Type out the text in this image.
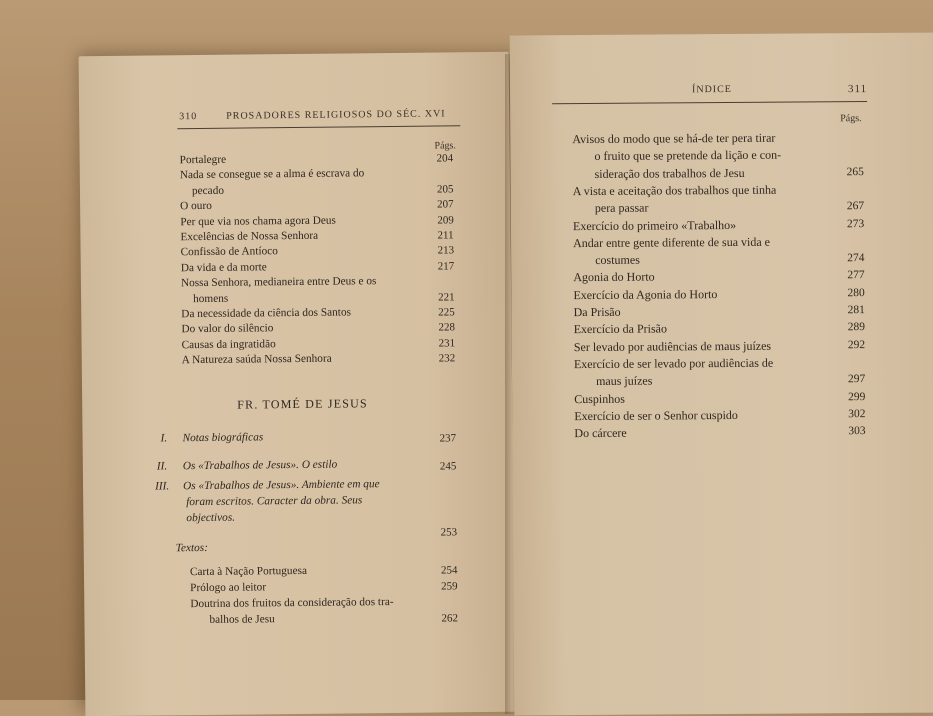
310	PROSADORES RELIGIOSOS DO SÉC. XVI
Págs.
Portalegre	204
Nada se consegue se a alma é escrava do
pecado	205
O ouro	207
Per que via nos chama agora Deus	209
Excelências de Nossa Senhora	211
Confissão de Antíoco	213
Da vida e da morte	217
Nossa Senhora, medianeira entre Deus e os
homens	221
Da necessidade da ciência dos Santos	225
Do valor do silêncio	228
Causas da ingratidão	231
A Natureza saúda Nossa Senhora	232
FR. TOMÉ DE JESUS
I. Notas biográficas	237
II. Os «Trabalhos de Jesus». O estilo	245
III. Os «Trabalhos de Jesus». Ambiente em que
foram escritos. Caracter da obra. Seus
objectivos.
253
Textos:
Carta à Nação Portuguesa	254
Prólogo ao leitor	259
Doutrina dos fruitos da consideração dos tra-
balhos de Jesu	262
ÍNDICE	311
Págs.
Avisos do modo que se há-de ter pera tirar
o fruito que se pretende da lição e con-
sideração dos trabalhos de Jesu	265
A vista e aceitação dos trabalhos que tinha
pera passar	267
Exercício do primeiro «Trabalho»	273
Andar entre gente diferente de sua vida e
costumes	274
Agonia do Horto	277
Exercício da Agonia do Horto	280
Da Prisão	281
Exercício da Prisão	289
Ser levado por audiências de maus juízes	292
Exercício de ser levado por audiências de
maus juízes	297
Cuspinhos	299
Exercício de ser o Senhor cuspido	302
Do cárcere	303
